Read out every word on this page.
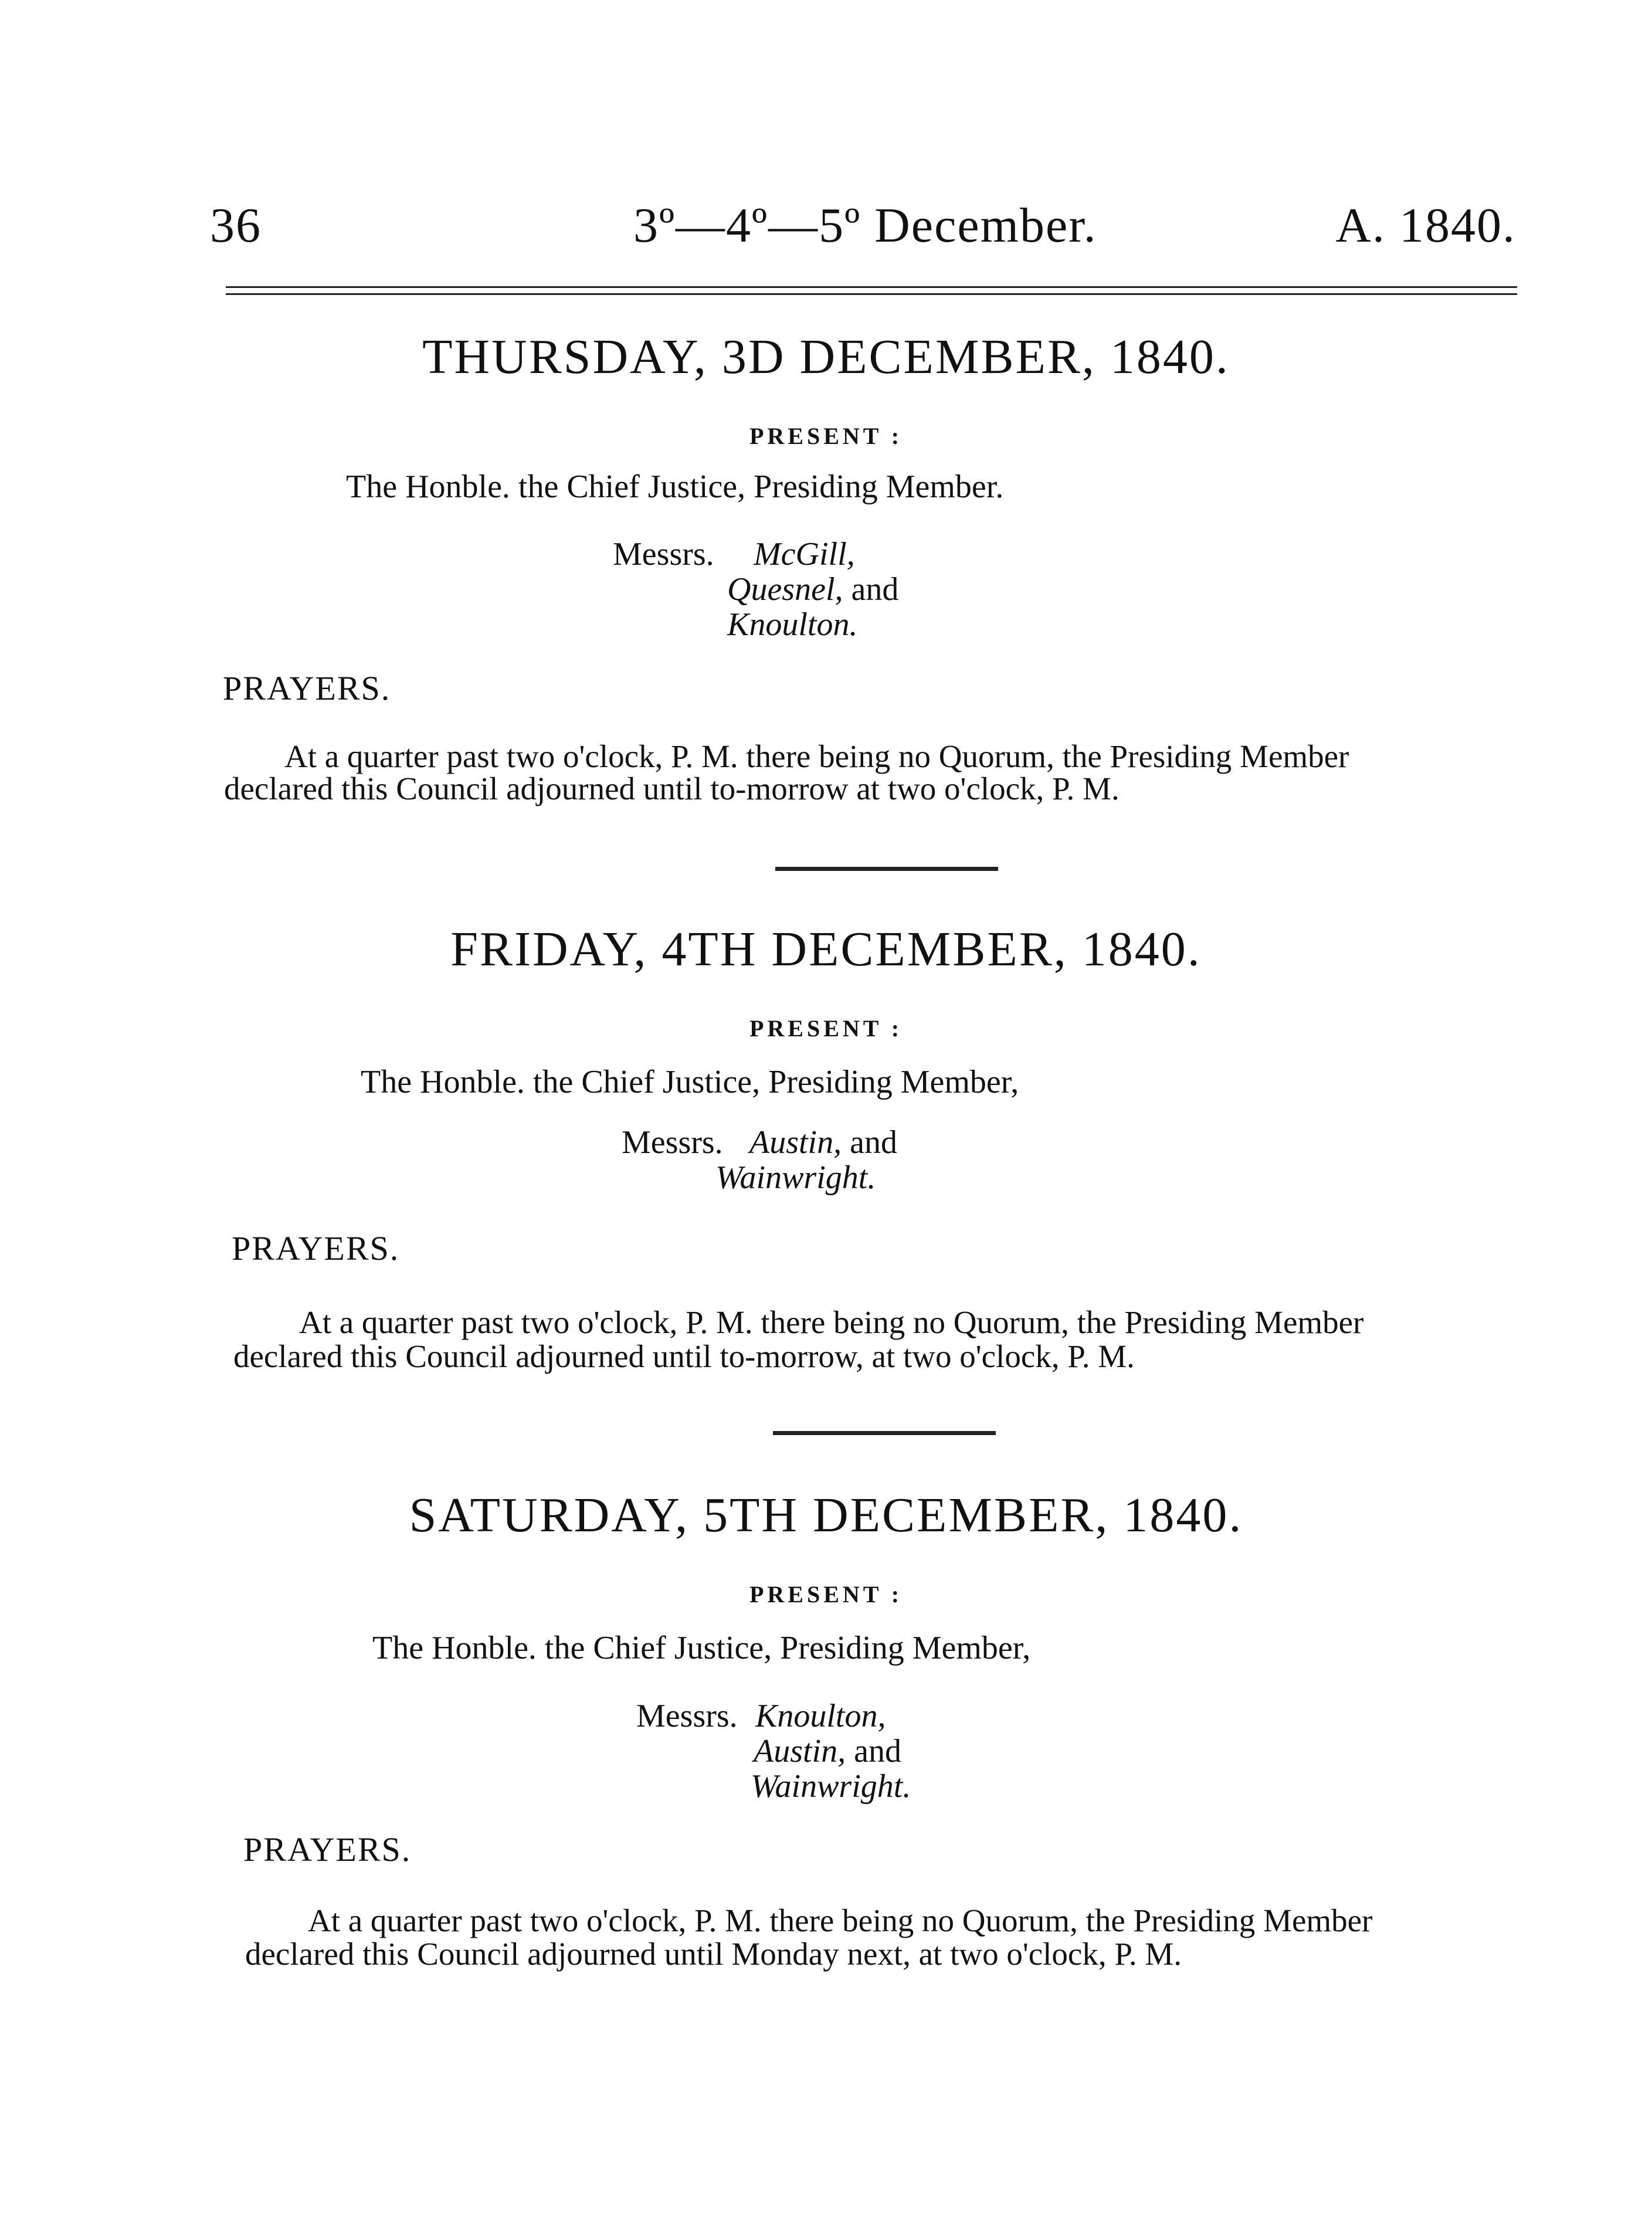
36	3º—4º—5º December.	A. 1840.
THURSDAY, 3D DECEMBER, 1840.
PRESENT :
The Honble. the Chief Justice, Presiding Member.
Messrs. McGill,
Quesnel, and
Knoulton.
PRAYERS.
At a quarter past two o'clock, P. M. there being no Quorum, the Presiding Member
declared this Council adjourned until to-morrow at two o'clock, P. M.
FRIDAY, 4TH DECEMBER, 1840.
PRESENT :
The Honble. the Chief Justice, Presiding Member,
Messrs. Austin, and
Wainwright.
PRAYERS.
At a quarter past two o'clock, P. M. there being no Quorum, the Presiding Member
declared this Council adjourned until to-morrow, at two o'clock, P. M.
SATURDAY, 5TH DECEMBER, 1840.
PRESENT :
The Honble. the Chief Justice, Presiding Member,
Messrs. Knoulton,
Austin, and
Wainwright.
PRAYERS.
At a quarter past two o'clock, P. M. there being no Quorum, the Presiding Member
declared this Council adjourned until Monday next, at two o'clock, P. M.
